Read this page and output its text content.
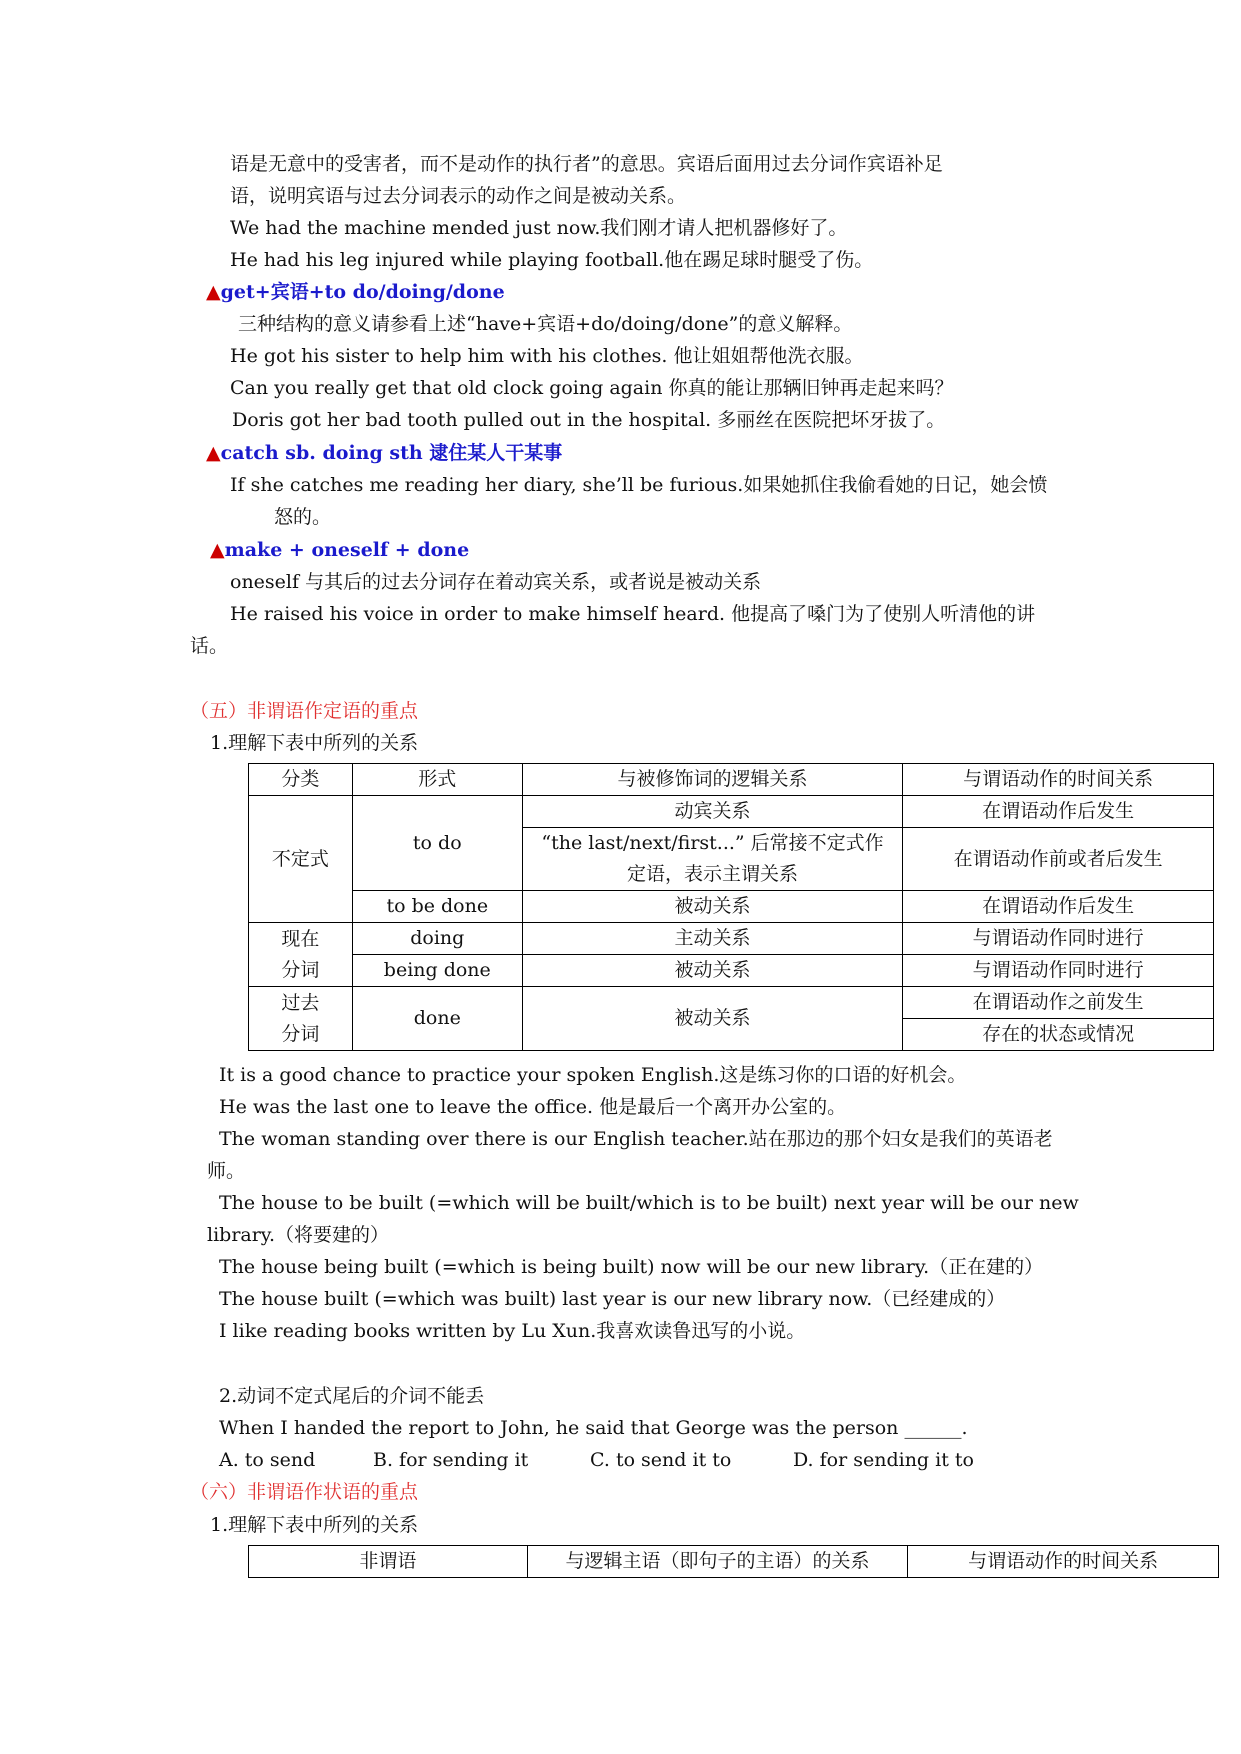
语是无意中的受害者，而不是动作的执行者”的意思。宾语后面用过去分词作宾语补足
语，说明宾语与过去分词表示的动作之间是被动关系。
We had the machine mended just now.我们刚才请人把机器修好了。
He had his leg injured while playing football.他在踢足球时腿受了伤。
▲get+宾语+to do/doing/done
三种结构的意义请参看上述“have+宾语+do/doing/done”的意义解释。
He got his sister to help him with his clothes. 他让姐姐帮他洗衣服。
Can you really get that old clock going again 你真的能让那辆旧钟再走起来吗？
Doris got her bad tooth pulled out in the hospital. 多丽丝在医院把坏牙拔了。
▲catch sb. doing sth 逮住某人干某事
If she catches me reading her diary, she’ll be furious.如果她抓住我偷看她的日记，她会愤
怒的。
▲make + oneself + done
oneself 与其后的过去分词存在着动宾关系，或者说是被动关系
He raised his voice in order to make himself heard. 他提高了嗓门为了使别人听清他的讲
话。
（五）非谓语作定语的重点
1.理解下表中所列的关系
分类	形式	与被修饰词的逻辑关系	与谓语动作的时间关系
不定式	to do	动宾关系	在谓语动作后发生
		“the last/next/first...” 后常接不定式作
定语，表示主谓关系	在谓语动作前或者后发生
	to be done	被动关系	在谓语动作后发生
现在
分词	doing	主动关系	与谓语动作同时进行
	being done	被动关系	与谓语动作同时进行
过去
分词	done	被动关系	在谓语动作之前发生
			存在的状态或情况
It is a good chance to practice your spoken English.这是练习你的口语的好机会。
He was the last one to leave the office. 他是最后一个离开办公室的。
The woman standing over there is our English teacher.站在那边的那个妇女是我们的英语老
师。
The house to be built (=which will be built/which is to be built) next year will be our new
library.（将要建的）
The house being built (=which is being built) now will be our new library.（正在建的）
The house built (=which was built) last year is our new library now.（已经建成的）
I like reading books written by Lu Xun.我喜欢读鲁迅写的小说。
2.动词不定式尾后的介词不能丢
When I handed the report to John, he said that George was the person ______.
A. to send	B. for sending it	C. to send it to	D. for sending it to
（六）非谓语作状语的重点
1.理解下表中所列的关系
非谓语	与逻辑主语（即句子的主语）的关系	与谓语动作的时间关系
